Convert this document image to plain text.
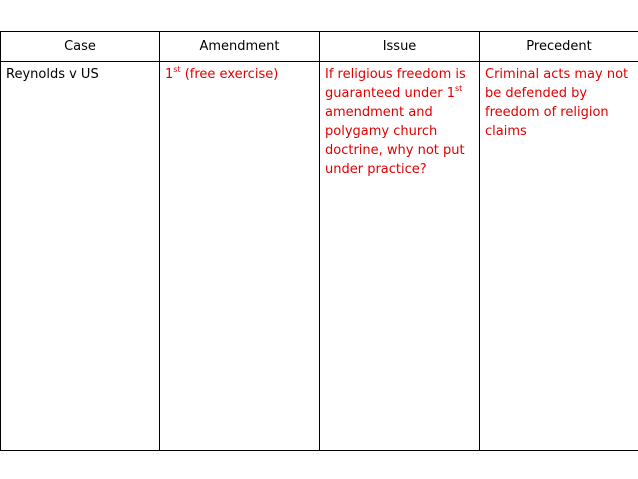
Case	Amendment	Issue	Precedent
Reynolds v US	1st (free exercise)	If religious freedom is guaranteed under 1st amendment and polygamy church doctrine, why not put under practice?	Criminal acts may not be defended by freedom of religion claims
